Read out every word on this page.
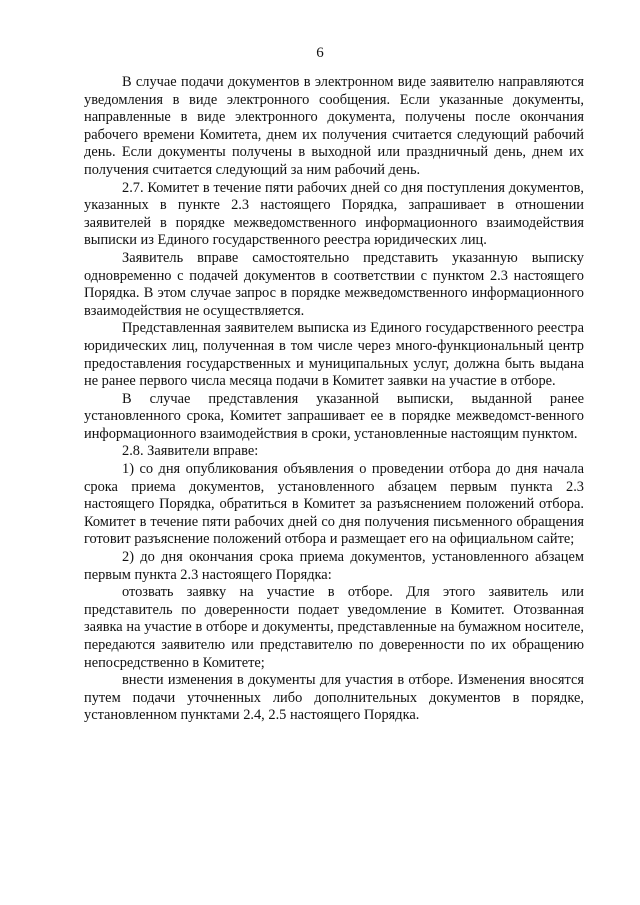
6

В случае подачи документов в электронном виде заявителю направляются уведомления в виде электронного сообщения. Если указанные документы, направленные в виде электронного документа, получены после окончания рабочего времени Комитета, днем их получения считается следующий рабочий день. Если документы получены в выходной или праздничный день, днем их получения считается следующий за ним рабочий день.

2.7. Комитет в течение пяти рабочих дней со дня поступления документов, указанных в пункте 2.3 настоящего Порядка, запрашивает в отношении заявителей в порядке межведомственного информационного взаимодействия выписки из Единого государственного реестра юридических лиц.

Заявитель вправе самостоятельно представить указанную выписку одновременно с подачей документов в соответствии с пунктом 2.3 настоящего Порядка. В этом случае запрос в порядке межведомственного информационного взаимодействия не осуществляется.

Представленная заявителем выписка из Единого государственного реестра юридических лиц, полученная в том числе через много-функциональный центр предоставления государственных и муниципальных услуг, должна быть выдана не ранее первого числа месяца подачи в Комитет заявки на участие в отборе.

В случае представления указанной выписки, выданной ранее установленного срока, Комитет запрашивает ее в порядке межведомст-венного информационного взаимодействия в сроки, установленные настоящим пунктом.

2.8. Заявители вправе:

1) со дня опубликования объявления о проведении отбора до дня начала срока приема документов, установленного абзацем первым пункта 2.3 настоящего Порядка, обратиться в Комитет за разъяснением положений отбора. Комитет в течение пяти рабочих дней со дня получения письменного обращения готовит разъяснение положений отбора и размещает его на официальном сайте;

2) до дня окончания срока приема документов, установленного абзацем первым пункта 2.3 настоящего Порядка:

отозвать заявку на участие в отборе. Для этого заявитель или представитель по доверенности подает уведомление в Комитет. Отозванная заявка на участие в отборе и документы, представленные на бумажном носителе, передаются заявителю или представителю по доверенности по их обращению непосредственно в Комитете;

внести изменения в документы для участия в отборе. Изменения вносятся путем подачи уточненных либо дополнительных документов в порядке, установленном пунктами 2.4, 2.5 настоящего Порядка.
